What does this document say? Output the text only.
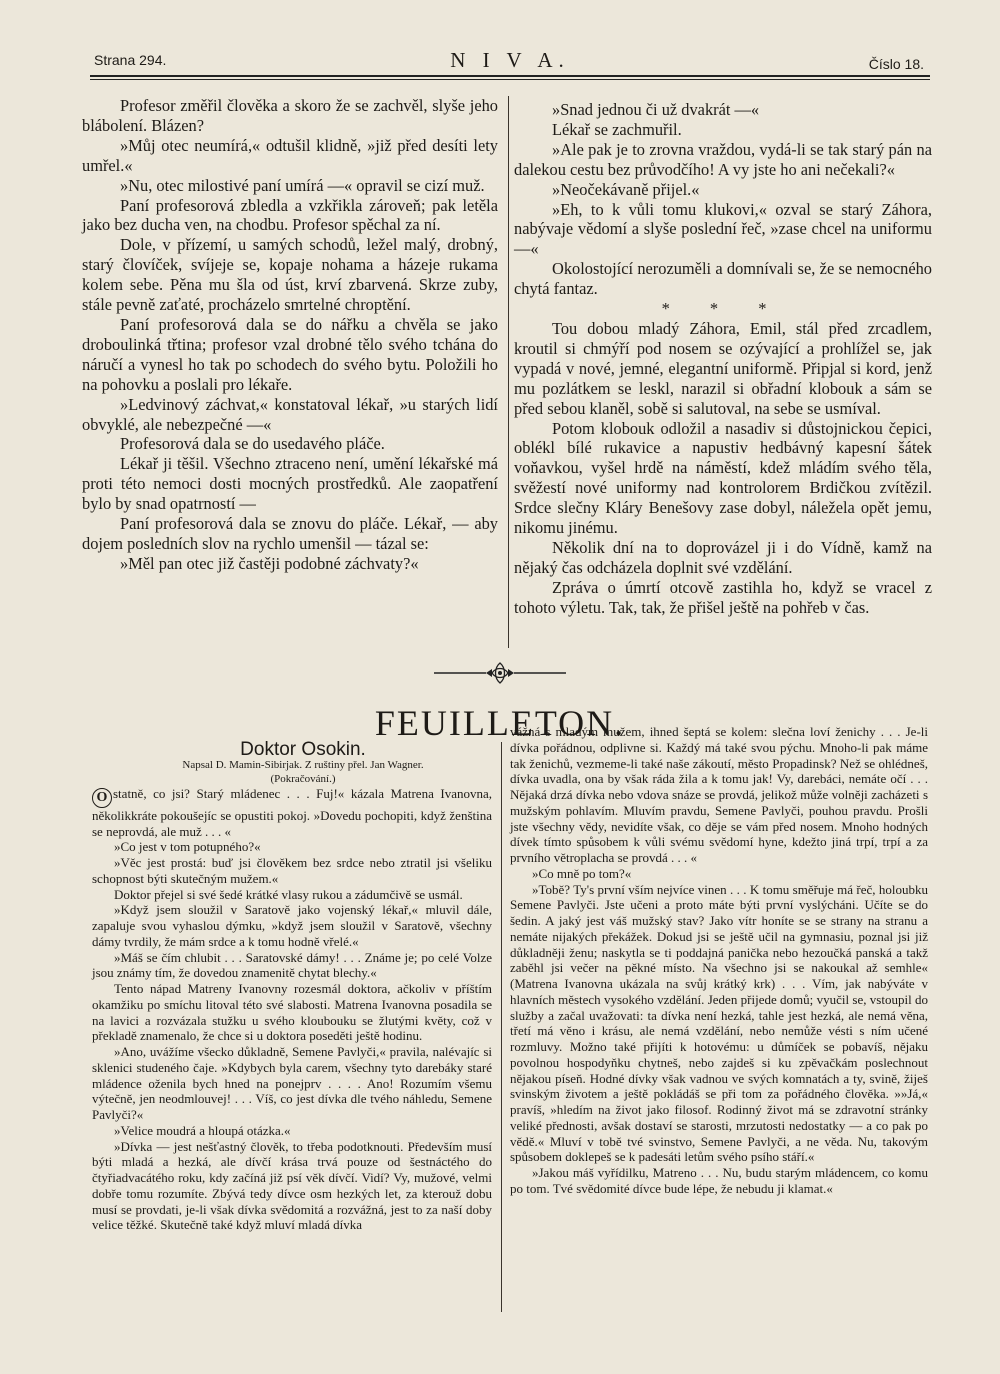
Strana 294.	N I V A.	Číslo 18.

Profesor změřil člověka a skoro že se zachvěl, slyše jeho blábolení. Blázen?

»Můj otec neumírá,« odtušil klidně, »již před desíti lety umřel.«

»Nu, otec milostivé paní umírá —« opravil se cizí muž.

Paní profesorová zbledla a vzkřikla zároveň; pak letěla jako bez ducha ven, na chodbu. Profesor spěchal za ní.

Dole, v přízemí, u samých schodů, ležel malý, drobný, starý človíček, svíjeje se, kopaje nohama a házeje rukama kolem sebe. Pěna mu šla od úst, krví zbarvená. Skrze zuby, stále pevně zaťaté, procházelo smrtelné chroptění.

Paní profesorová dala se do nářku a chvěla se jako droboulinká třtina; profesor vzal drobné tělo svého tchána do náručí a vynesl ho tak po schodech do svého bytu. Položili ho na pohovku a poslali pro lékaře.

»Ledvinový záchvat,« konstatoval lékař, »u starých lidí obvyklé, ale nebezpečné —«

Profesorová dala se do usedavého pláče.

Lékař ji těšil. Všechno ztraceno není, umění lékařské má proti této nemoci dosti mocných prostředků. Ale zaopatření bylo by snad opatrností —

Paní profesorová dala se znovu do pláče. Lékař, — aby dojem posledních slov na rychlo umenšil — tázal se:

»Měl pan otec již častěji podobné záchvaty?«

»Snad jednou či už dvakrát —«

Lékař se zachmuřil.

»Ale pak je to zrovna vraždou, vydá-li se tak starý pán na dalekou cestu bez průvodčího! A vy jste ho ani nečekali?«

»Neočekávaně přijel.«

»Eh, to k vůli tomu klukovi,« ozval se starý Záhora, nabývaje vědomí a slyše poslední řeč, »zase chcel na uniformu —«

Okolostojící nerozuměli a domnívali se, že se nemocného chytá fantaz.

* * *

Tou dobou mladý Záhora, Emil, stál před zrcadlem, kroutil si chmýří pod nosem se ozývající a prohlížel se, jak vypadá v nové, jemné, elegantní uniformě. Připjal si kord, jenž mu pozlátkem se leskl, narazil si obřadní klobouk a sám se před sebou klaněl, sobě si salutoval, na sebe se usmíval.

Potom klobouk odložil a nasadiv si důstojnickou čepici, oblékl bílé rukavice a napustiv hedbávný kapesní šátek voňavkou, vyšel hrdě na náměstí, kdež mládím svého těla, svěžestí nové uniformy nad kontrolorem Brdičkou zvítězil. Srdce slečny Kláry Benešovy zase dobyl, náležela opět jemu, nikomu jinému.

Několik dní na to doprovázel ji i do Vídně, kamž na nějaký čas odcházela doplnit své vzdělání.

Zpráva o úmrtí otcově zastihla ho, když se vracel z tohoto výletu. Tak, tak, že přišel ještě na pohřeb v čas.

FEUILLETON.

Doktor Osokin.

Napsal D. Mamin-Sibirjak. Z ruštiny přel. Jan Wagner.

(Pokračování.)

O statně, co jsi? Starý mládenec . . . Fuj!« kázala Matrena Ivanovna, několikkráte pokoušejíc se opustiti pokoj. »Dovedu pochopiti, když ženština se neprovdá, ale muž . . . «

»Co jest v tom potupného?«

»Věc jest prostá: buď jsi člověkem bez srdce nebo ztratil jsi všeliku schopnost býti skutečným mužem.«

Doktor přejel si své šedé krátké vlasy rukou a zádumčivě se usmál.

»Když jsem sloužil v Saratově jako vojenský lékař,« mluvil dále, zapaluje svou vyhaslou dýmku, »když jsem sloužil v Saratově, všechny dámy tvrdily, že mám srdce a k tomu hodně vřelé.«

»Máš se čím chlubit . . . Saratovské dámy! . . . Známe je; po celé Volze jsou známy tím, že dovedou znamenitě chytat blechy.«

Tento nápad Matreny Ivanovny rozesmál doktora, ačkoliv v příštím okamžiku po smíchu litoval této své slabosti. Matrena Ivanovna posadila se na lavici a rozvázala stužku u svého kloubouku se žlutými květy, což v překladě znamenalo, že chce si u doktora poseděti ještě hodinu.

»Ano, uvážíme všecko důkladně, Semene Pavlyči,« pravila, nalévajíc si sklenici studeného čaje. »Kdybych byla carem, všechny tyto darebáky staré mládence oženila bych hned na ponejprv . . . . Ano! Rozumím všemu výtečně, jen neodmlouvej! . . . Víš, co jest dívka dle tvého náhledu, Semene Pavlyči?«

»Velice moudrá a hloupá otázka.«

»Dívka — jest nešťastný člověk, to třeba podotknouti. Především musí býti mladá a hezká, ale dívčí krása trvá pouze od šestnáctého do čtyřiadvacátého roku, kdy začíná již psí věk dívčí. Vidí? Vy, mužové, velmi dobře tomu rozumíte. Zbývá tedy dívce osm hezkých let, za kterouž dobu musí se provdati, je-li však dívka svědomitá a rozvážná, jest to za naší doby velice těžké. Skutečně také když mluví mladá dívka

vážná s mladým mužem, ihned šeptá se kolem: slečna loví ženichy . . . Je-li dívka pořádnou, odplivne si. Každý má také svou pýchu. Mnoho-li pak máme tak ženichů, vezmeme-li také naše zákoutí, město Propadinsk? Než se ohlédneš, dívka uvadla, ona by však ráda žila a k tomu jak! Vy, darebáci, nemáte očí . . . Nějaká drzá dívka nebo vdova snáze se provdá, jelikož může volněji zacházeti s mužským pohlavím. Mluvím pravdu, Semene Pavlyči, pouhou pravdu. Prošli jste všechny vědy, nevidíte však, co děje se vám před nosem. Mnoho hodných dívek tímto spůsobem k vůli svému svědomí hyne, kdežto jiná trpí, trpí a za prvního větroplacha se provdá . . . «

»Co mně po tom?«

»Tobě? Ty's první vším nejvíce vinen . . . K tomu směřuje má řeč, holoubku Semene Pavlyči. Jste učeni a proto máte býti první vyslýcháni. Učíte se do šedin. A jaký jest váš mužský stav? Jako vítr honíte se se strany na stranu a nemáte nijakých překážek. Dokud jsi se ještě učil na gymnasiu, poznal jsi již důkladněji ženu; naskytla se ti poddajná panička nebo hezoučká panská a takž zaběhl jsi večer na pěkné místo. Na všechno jsi se nakoukal až semhle« (Matrena Ivanovna ukázala na svůj krátký krk) . . . Vím, jak nabýváte v hlavních městech vysokého vzdělání. Jeden přijede domů; vyučil se, vstoupil do služby a začal uvažovati: ta dívka není hezká, tahle jest hezká, ale nemá věna, třetí má věno i krásu, ale nemá vzdělání, nebo nemůže vésti s ním učené rozmluvy. Možno také přijíti k hotovému: u důmíček se pobavíš, nějaku povolnou hospodyňku chytneš, nebo zajdeš si ku zpěvačkám poslechnout nějakou píseň. Hodné dívky však vadnou ve svých komnatách a ty, svině, žiješ svinským životem a ještě pokládáš se při tom za pořádného člověka. »»Já,« pravíš, »hledím na život jako filosof. Rodinný život má se zdravotní stránky veliké přednosti, avšak dostaví se starosti, mrzutosti nedostatky — a co pak po vědě.« Mluví v tobě tvé svinstvo, Semene Pavlyči, a ne věda. Nu, takovým spůsobem doklepeš se k padesáti letům svého psího stáří.«

»Jakou máš vyřídilku, Matreno . . . Nu, budu starým mládencem, co komu po tom. Tvé svědomité dívce bude lépe, že nebudu ji klamat.«
